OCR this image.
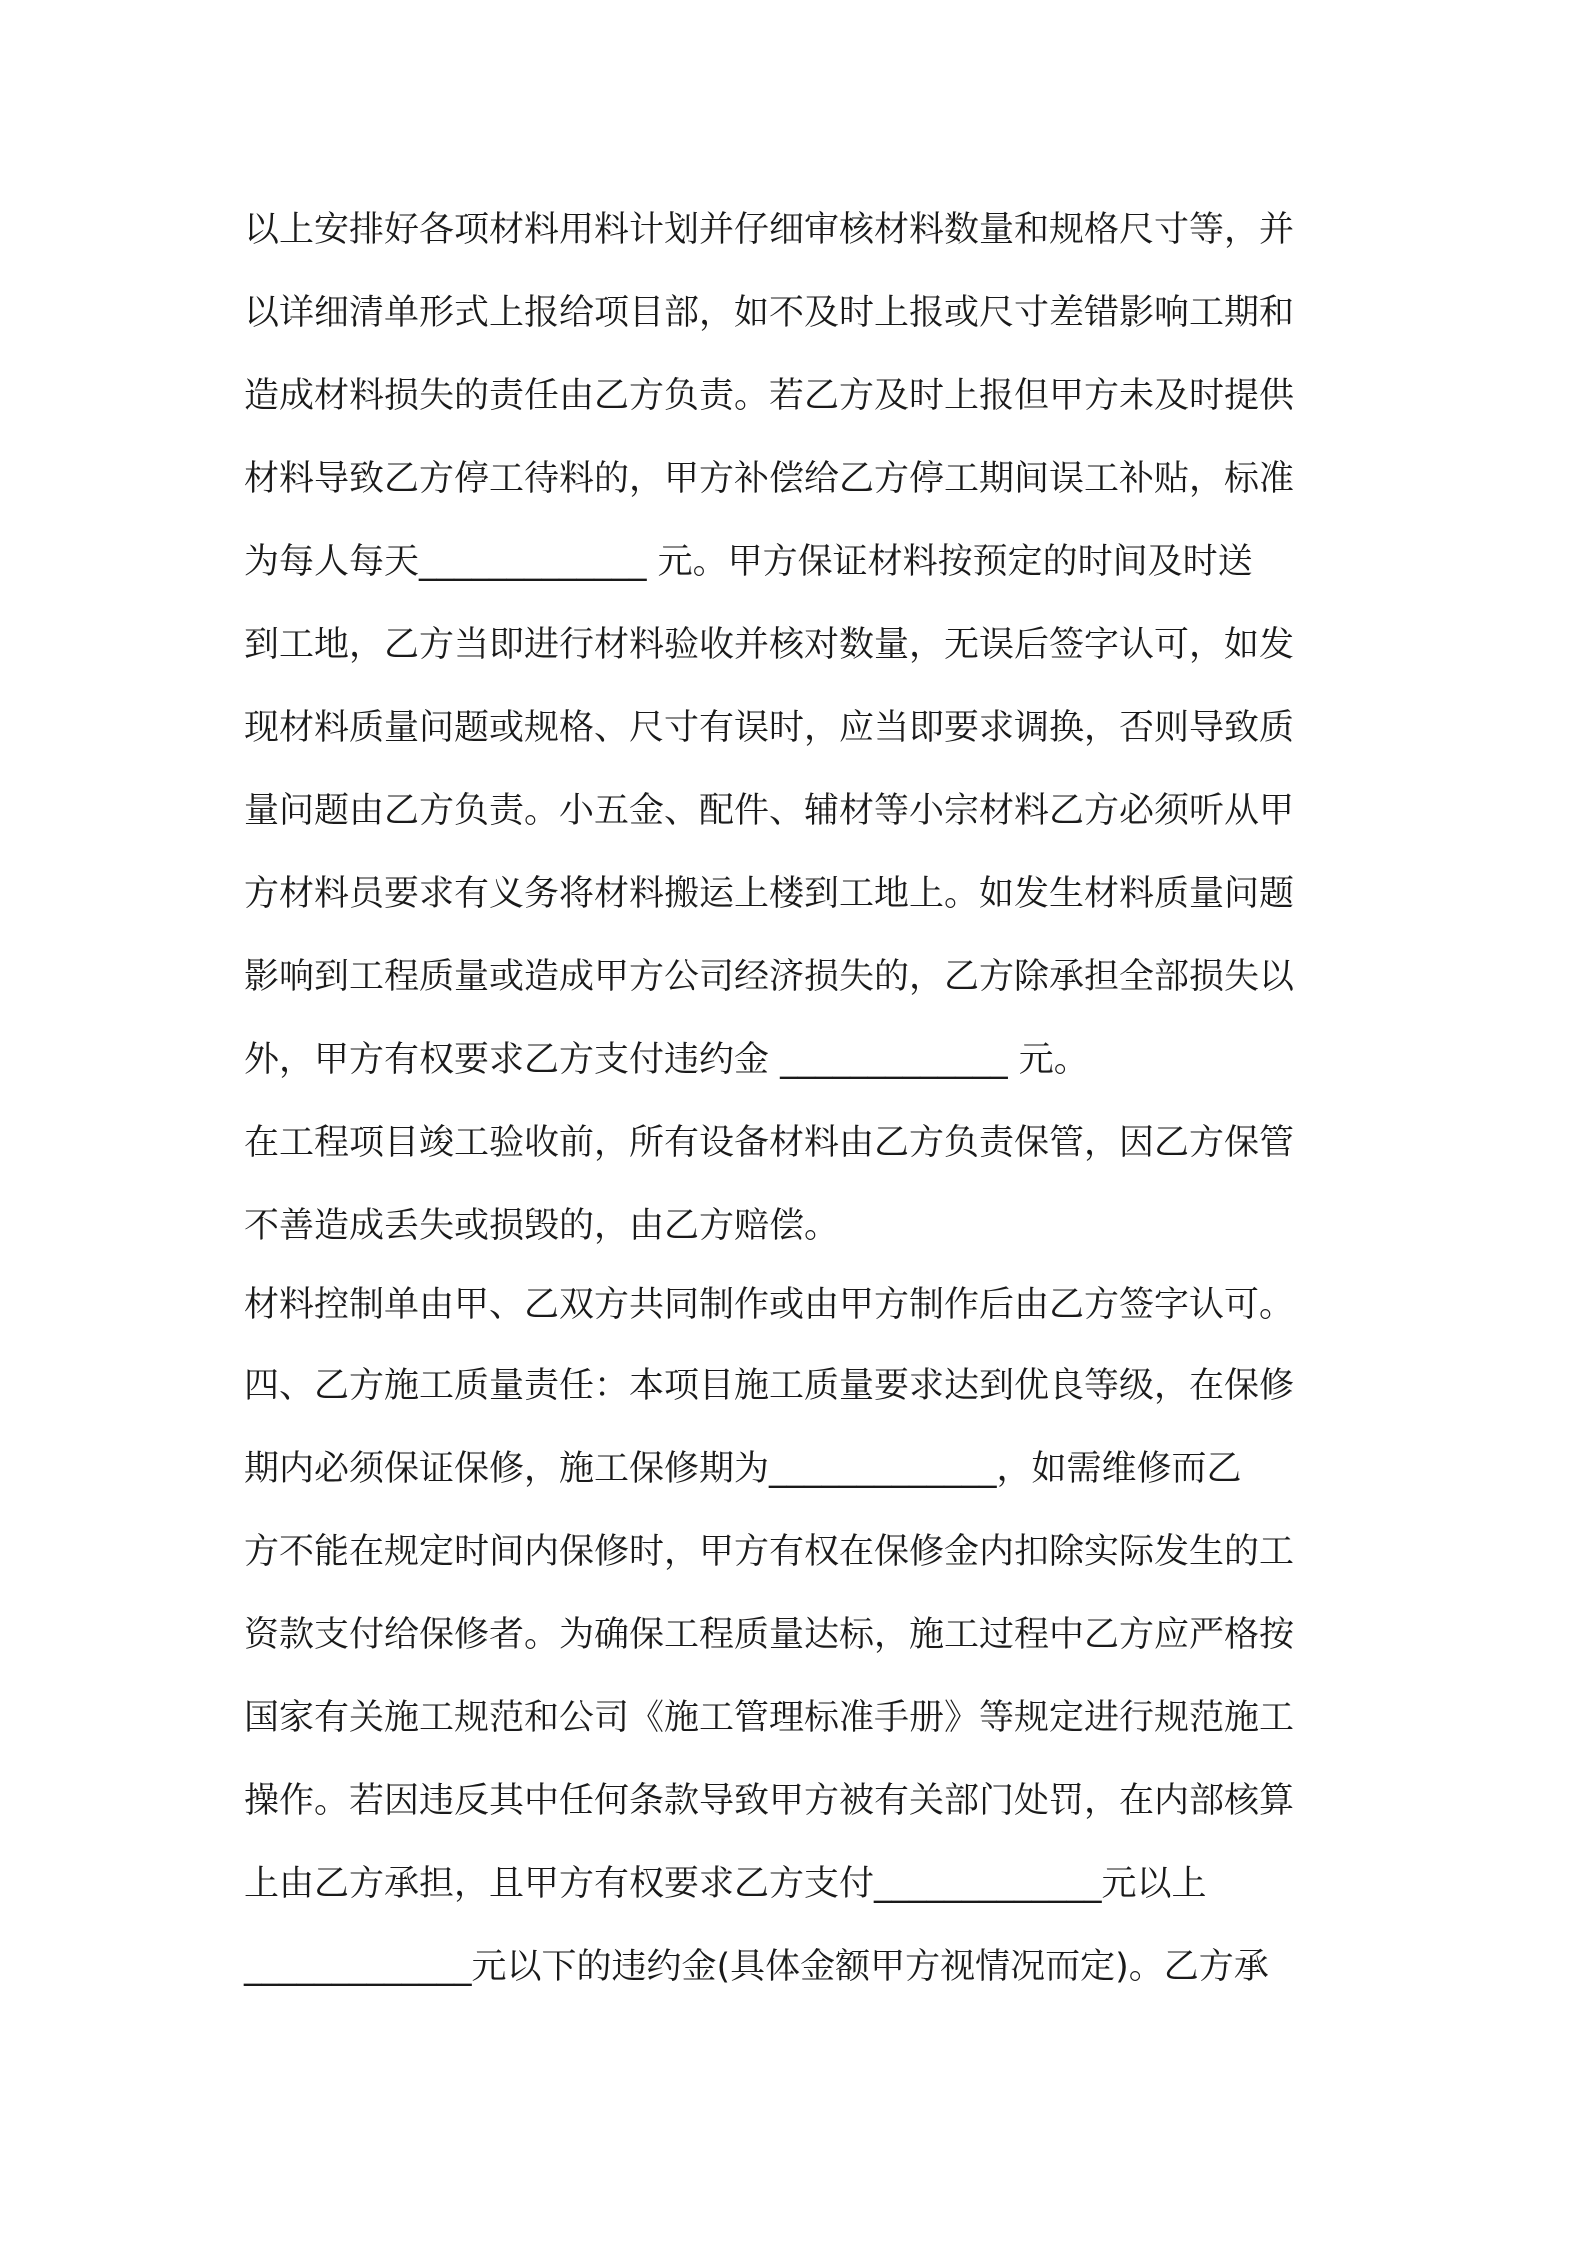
以上安排好各项材料用料计划并仔细审核材料数量和规格尺寸等，并

以详细清单形式上报给项目部，如不及时上报或尺寸差错影响工期和

造成材料损失的责任由乙方负责。若乙方及时上报但甲方未及时提供

材料导致乙方停工待料的，甲方补偿给乙方停工期间误工补贴，标准

为每人每天_____________ 元。甲方保证材料按预定的时间及时送

到工地，乙方当即进行材料验收并核对数量，无误后签字认可，如发

现材料质量问题或规格、尺寸有误时，应当即要求调换，否则导致质

量问题由乙方负责。小五金、配件、辅材等小宗材料乙方必须听从甲

方材料员要求有义务将材料搬运上楼到工地上。如发生材料质量问题

影响到工程质量或造成甲方公司经济损失的，乙方除承担全部损失以

外，甲方有权要求乙方支付违约金 _____________ 元。

在工程项目竣工验收前，所有设备材料由乙方负责保管，因乙方保管

不善造成丢失或损毁的，由乙方赔偿。

材料控制单由甲、乙双方共同制作或由甲方制作后由乙方签字认可。

四、乙方施工质量责任：本项目施工质量要求达到优良等级，在保修

期内必须保证保修，施工保修期为_____________，如需维修而乙

方不能在规定时间内保修时，甲方有权在保修金内扣除实际发生的工

资款支付给保修者。为确保工程质量达标，施工过程中乙方应严格按

国家有关施工规范和公司《施工管理标准手册》等规定进行规范施工

操作。若因违反其中任何条款导致甲方被有关部门处罚，在内部核算

上由乙方承担，且甲方有权要求乙方支付_____________元以上

_____________元以下的违约金(具体金额甲方视情况而定)。乙方承
